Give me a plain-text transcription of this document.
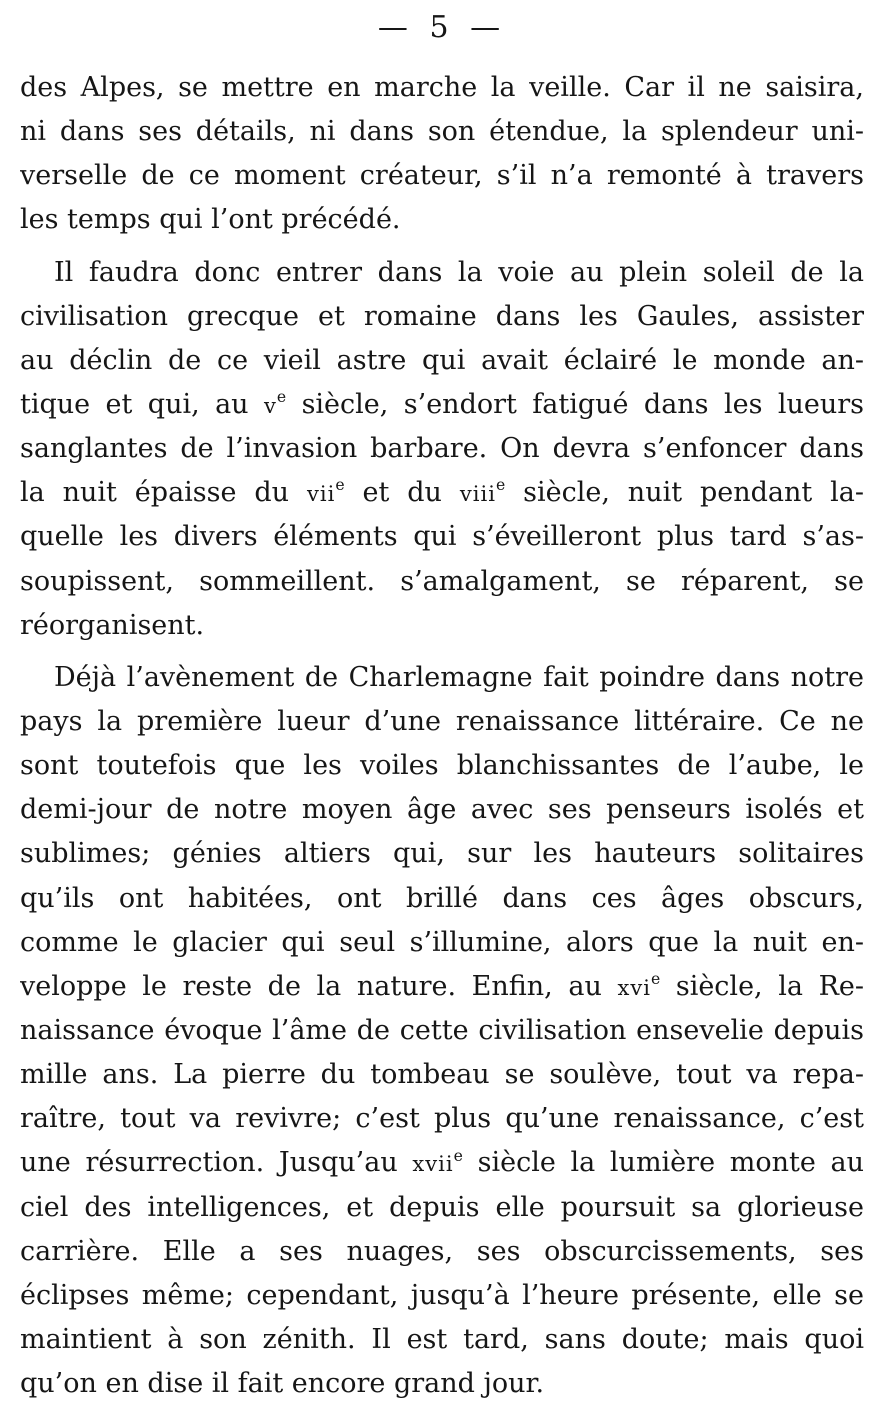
— 5 —
des Alpes, se mettre en marche la veille. Car il ne saisira,
ni dans ses détails, ni dans son étendue, la splendeur uni-
verselle de ce moment créateur, s’il n’a remonté à travers
les temps qui l’ont précédé.
Il faudra donc entrer dans la voie au plein soleil de la
civilisation grecque et romaine dans les Gaules, assister
au déclin de ce vieil astre qui avait éclairé le monde an-
tique et qui, au $v^e$ siècle, s’endort fatigué dans les lueurs
sanglantes de l’invasion barbare. On devra s’enfoncer dans
la nuit épaisse du vii$^e$ et du viii$^e$ siècle, nuit pendant la-
quelle les divers éléments qui s’éveilleront plus tard s’as-
soupissent, sommeillent. s’amalgament, se réparent, se
réorganisent.
Déjà l’avènement de Charlemagne fait poindre dans notre
pays la première lueur d’une renaissance littéraire. Ce ne
sont toutefois que les voiles blanchissantes de l’aube, le
demi-jour de notre moyen âge avec ses penseurs isolés et
sublimes; génies altiers qui, sur les hauteurs solitaires
qu’ils ont habitées, ont brillé dans ces âges obscurs,
comme le glacier qui seul s’illumine, alors que la nuit en-
veloppe le reste de la nature. Enfin, au xvi$^e$ siècle, la Re-
naissance évoque l’âme de cette civilisation ensevelie depuis
mille ans. La pierre du tombeau se soulève, tout va repa-
raître, tout va revivre; c’est plus qu’une renaissance, c’est
une résurrection. Jusqu’au xvii$^e$ siècle la lumière monte au
ciel des intelligences, et depuis elle poursuit sa glorieuse
carrière. Elle a ses nuages, ses obscurcissements, ses
éclipses même; cependant, jusqu’à l’heure présente, elle se
maintient à son zénith. Il est tard, sans doute; mais quoi
qu’on en dise il fait encore grand jour.
